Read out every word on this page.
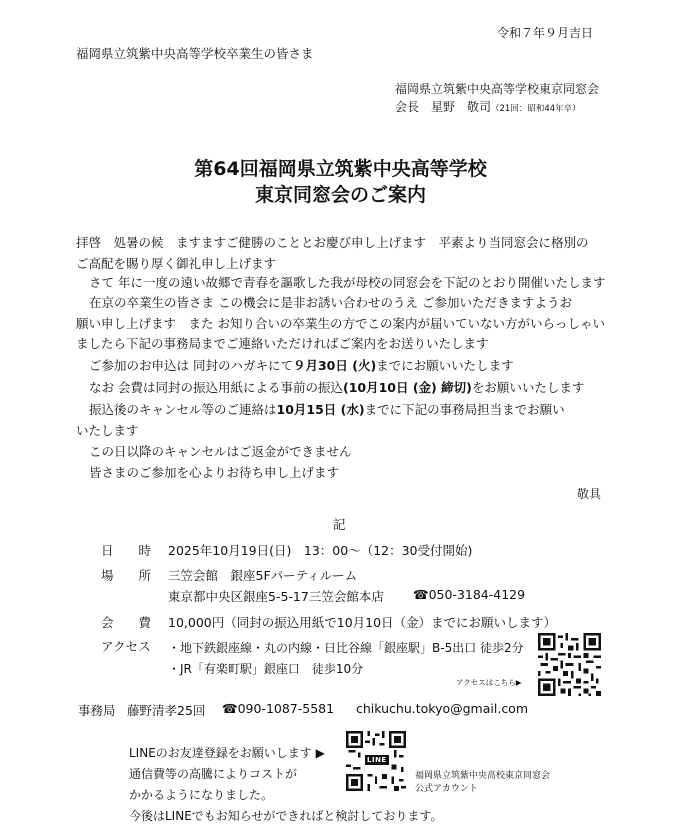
令和７年９月吉日
福岡県立筑紫中央高等学校卒業生の皆さま
福岡県立筑紫中央高等学校東京同窓会
会長　星野　敬司（21回：昭和44年卒）
第64回福岡県立筑紫中央高等学校
東京同窓会のご案内
拝啓　処暑の候　ますますご健勝のこととお慶び申し上げます　平素より当同窓会に格別の
ご高配を賜り厚く御礼申し上げます
さて 年に一度の遠い故郷で青春を謳歌した我が母校の同窓会を下記のとおり開催いたします
在京の卒業生の皆さま この機会に是非お誘い合わせのうえ ご参加いただきますようお
願い申し上げます　また お知り合いの卒業生の方でこの案内が届いていない方がいらっしゃい
ましたら下記の事務局までご連絡いただければご案内をお送りいたします
ご参加のお申込は 同封のハガキにて９月30日 (火)までにお願いいたします
なお 会費は同封の振込用紙による事前の振込(10月10日 (金) 締切)をお願いいたします
振込後のキャンセル等のご連絡は10月15日 (水)までに下記の事務局担当までお願い
いたします
この日以降のキャンセルはご返金ができません
皆さまのご参加を心よりお待ち申し上げます
敬具
記
日　　時 2025年10月19日(日)　13：00～（12：30受付開始)
場　　所 三笠会館　銀座5Fパーティルーム
東京都中央区銀座5-5-17三笠会館本店 ☎050-3184-4129
会　　費 10,000円（同封の振込用紙で10月10日（金）までにお願いします）
アクセス ・地下鉄銀座線・丸の内線・日比谷線「銀座駅」B-5出口 徒歩2分
・JR「有楽町駅」銀座口　徒歩10分
アクセスはこちら▶
事務局 藤野清孝25回 ☎090-1087-5581 chikuchu.tokyo@gmail.com
LINEのお友達登録をお願いします ▶
通信費等の高騰によりコストが
かかるようになりました。
今後はLINEでもお知らせができればと検討しております。
LINE
福岡県立筑紫中央高校東京同窓会
公式アカウント
